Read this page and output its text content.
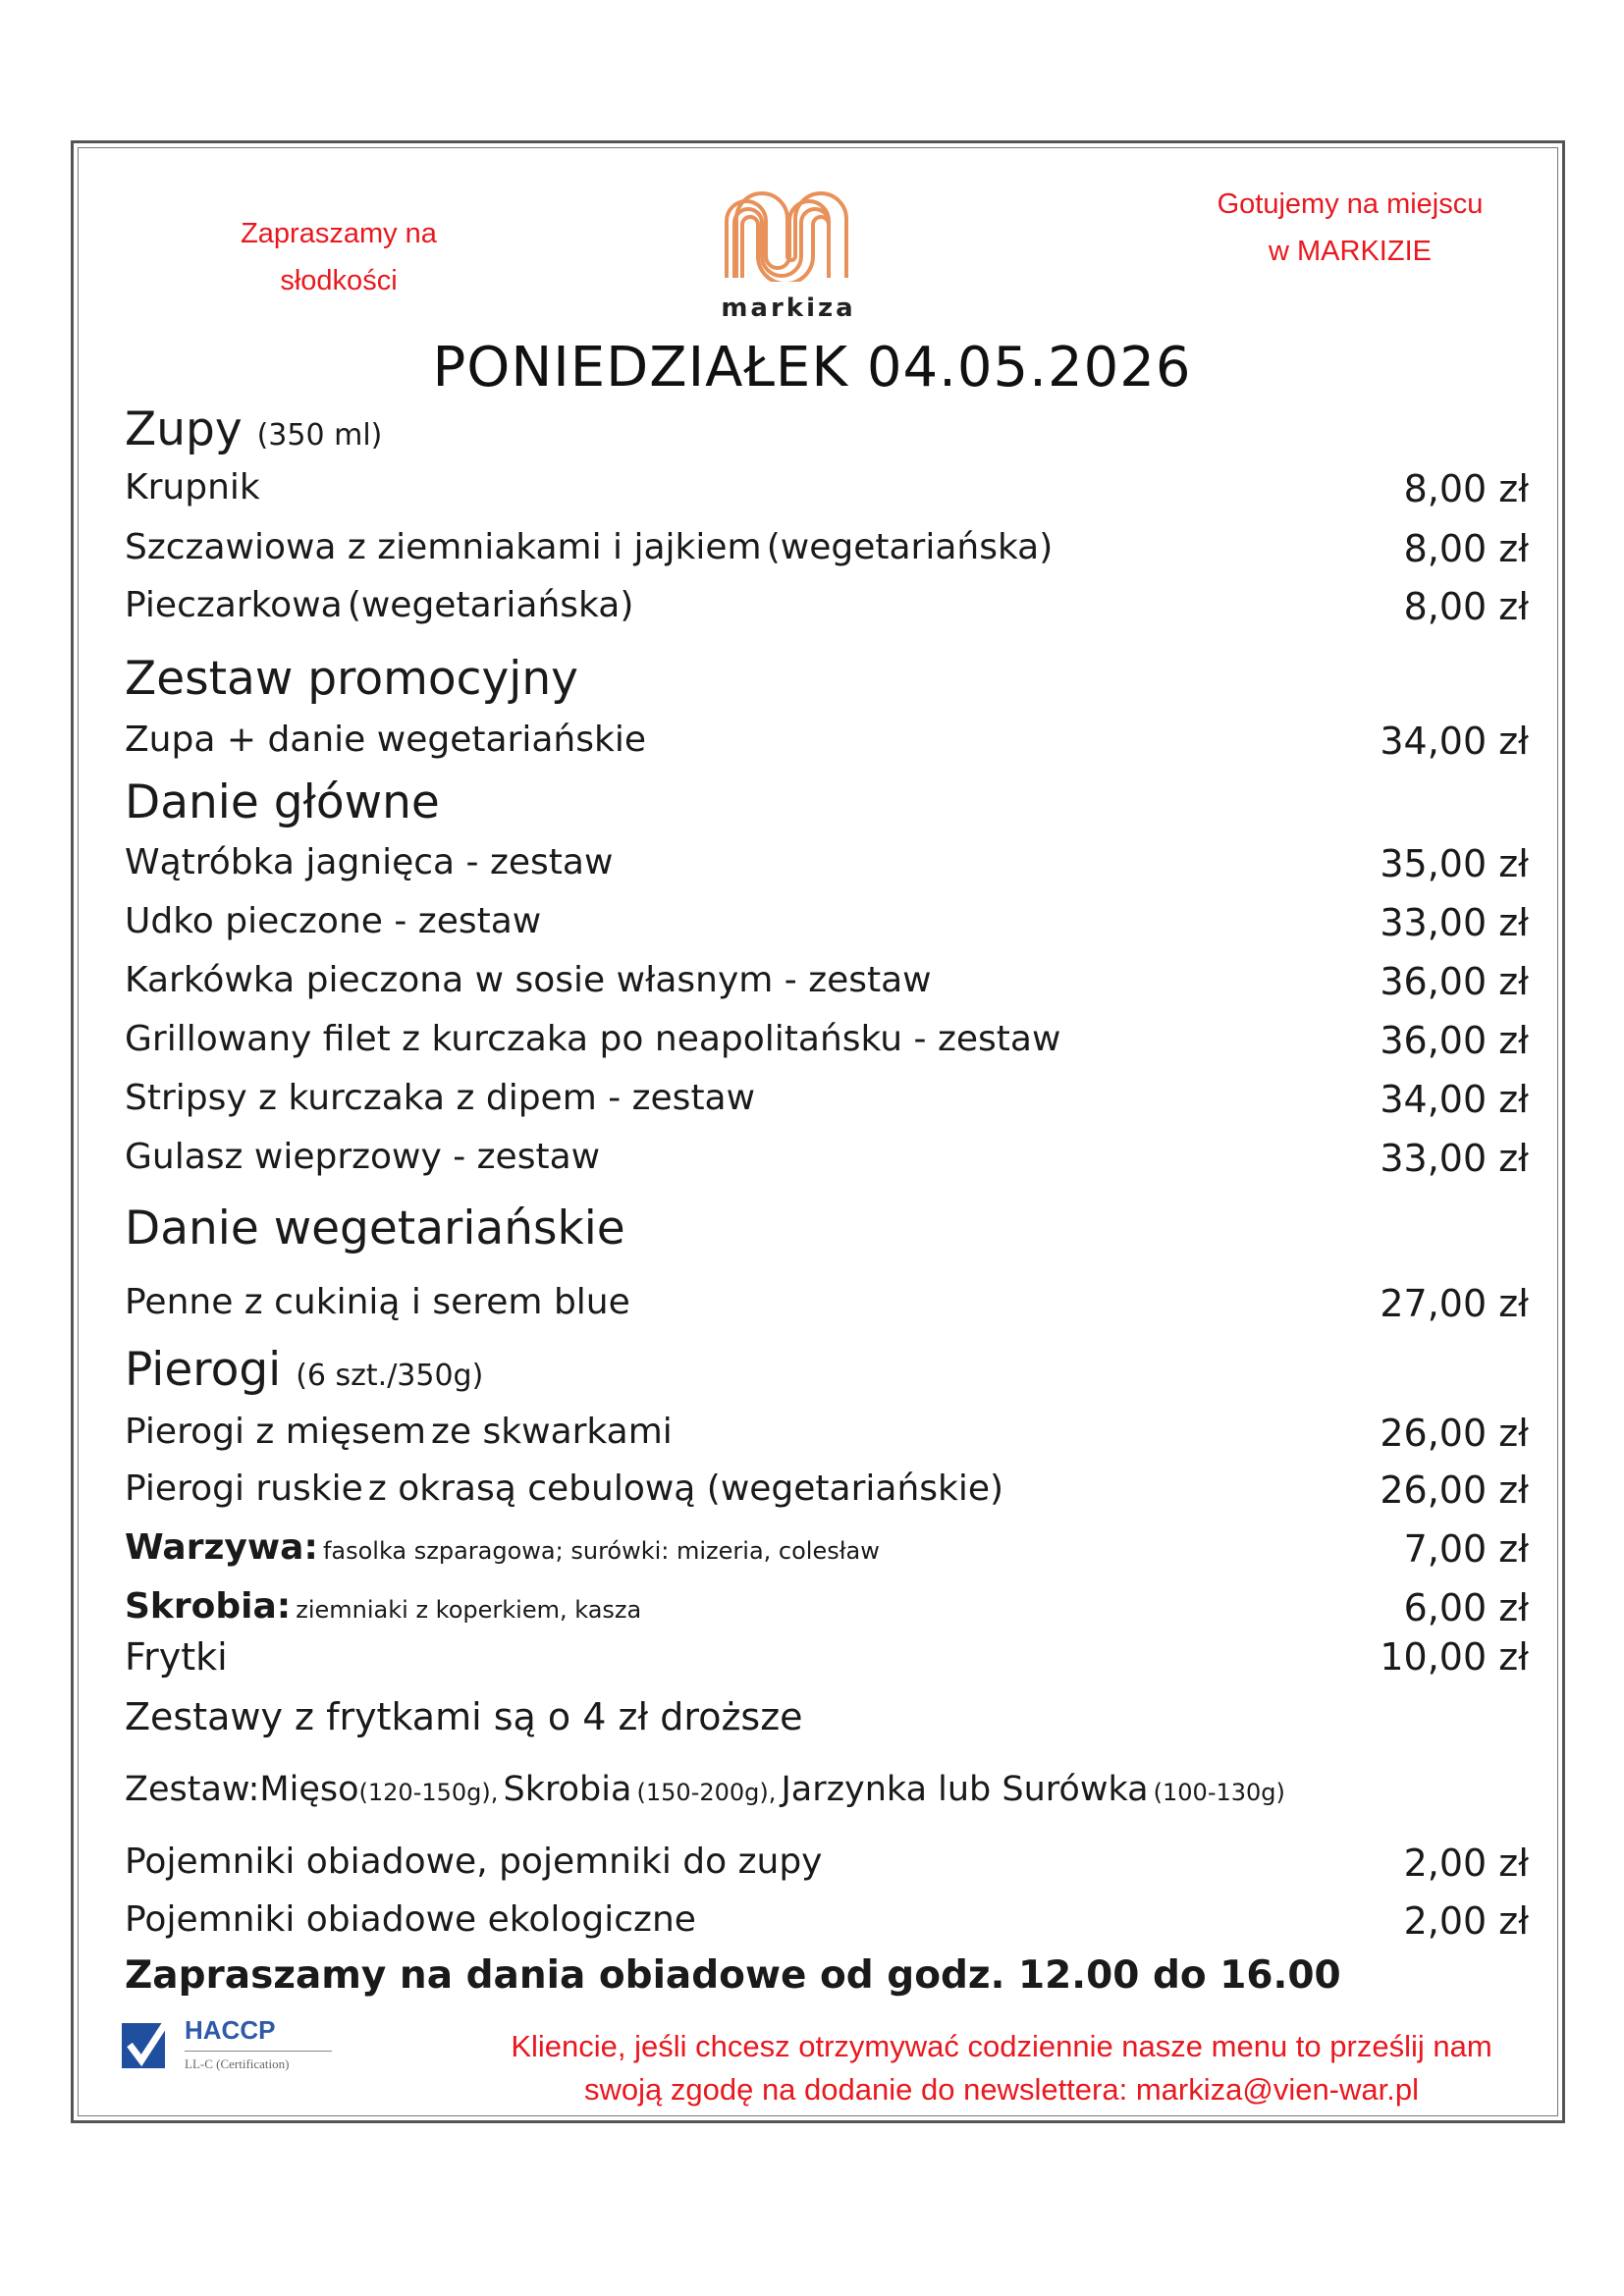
Zapraszamy na
słodkości
Gotujemy na miejscu
w MARKIZIE
markiza
PONIEDZIAŁEK 04.05.2026
Zupy (350 ml)
Krupnik	8,00 zł
Szczawiowa z ziemniakami i jajkiem (wegetariańska)	8,00 zł
Pieczarkowa (wegetariańska)	8,00 zł
Zestaw promocyjny
Zupa + danie wegetariańskie	34,00 zł
Danie główne
Wątróbka jagnięca - zestaw	35,00 zł
Udko pieczone - zestaw	33,00 zł
Karkówka pieczona w sosie własnym - zestaw	36,00 zł
Grillowany filet z kurczaka po neapolitańsku - zestaw	36,00 zł
Stripsy z kurczaka z dipem - zestaw	34,00 zł
Gulasz wieprzowy - zestaw	33,00 zł
Danie wegetariańskie
Penne z cukinią i serem blue	27,00 zł
Pierogi (6 szt./350g)
Pierogi z mięsem ze skwarkami	26,00 zł
Pierogi ruskie z okrasą cebulową (wegetariańskie)	26,00 zł
Warzywa: fasolka szparagowa; surówki: mizeria, colesław	7,00 zł
Skrobia: ziemniaki z koperkiem, kasza	6,00 zł
Frytki	10,00 zł
Zestawy z frytkami są o 4 zł droższe
Zestaw:Mięso(120-150g), Skrobia (150-200g), Jarzynka lub Surówka (100-130g)
Pojemniki obiadowe, pojemniki do zupy	2,00 zł
Pojemniki obiadowe ekologiczne	2,00 zł
Zapraszamy na dania obiadowe od godz. 12.00 do 16.00
HACCP
LL-C (Certification)
Kliencie, jeśli chcesz otrzymywać codziennie nasze menu to prześlij nam
swoją zgodę na dodanie do newslettera: markiza@vien-war.pl
